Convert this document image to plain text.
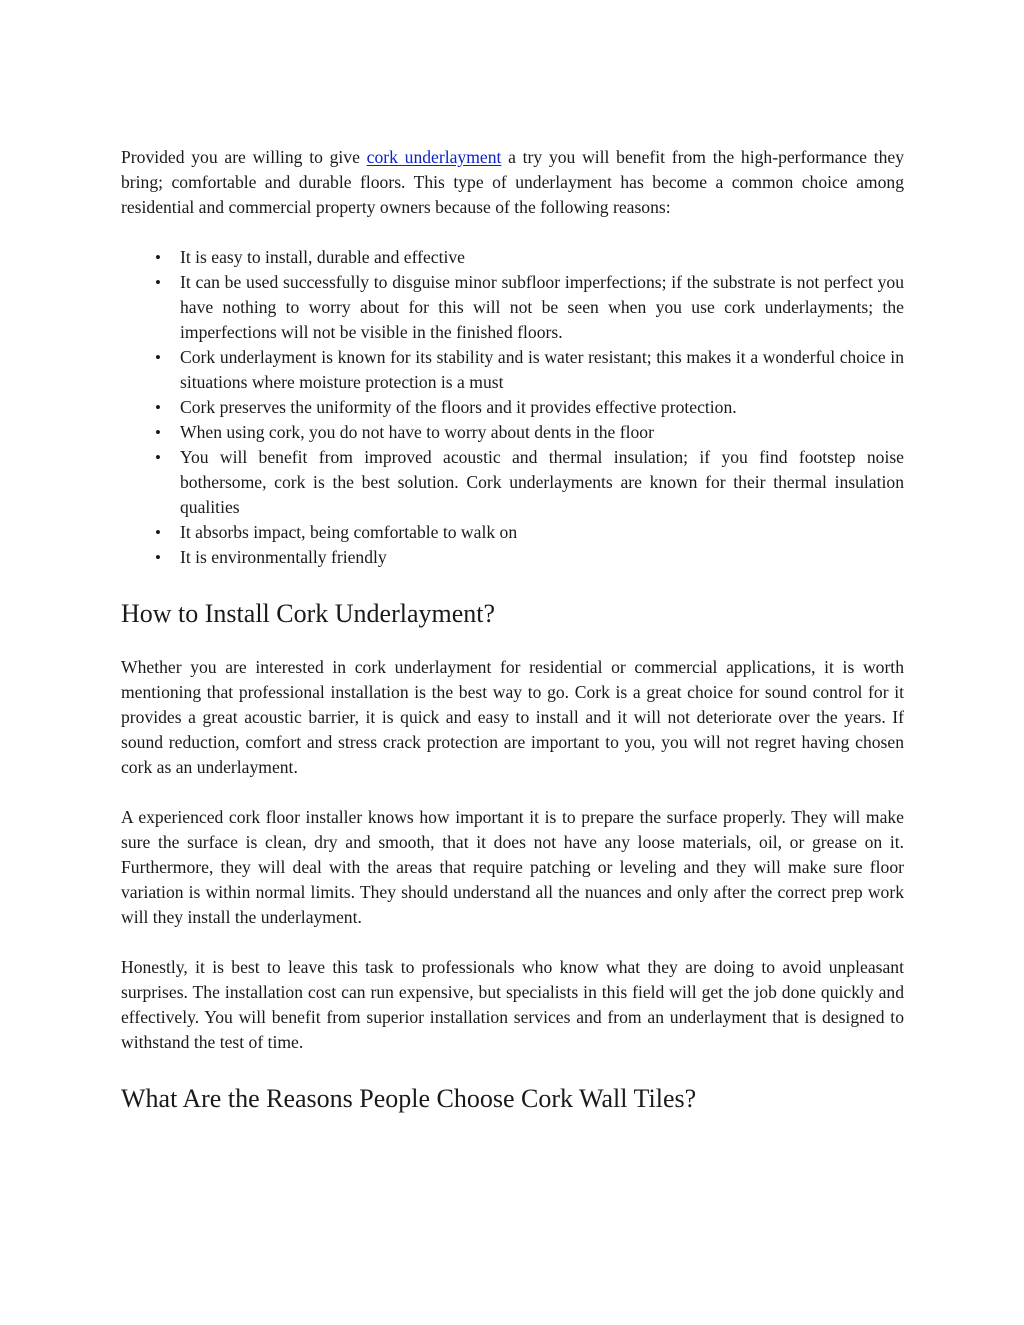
Provided you are willing to give cork underlayment a try you will benefit from the high-performance they bring; comfortable and durable floors. This type of underlayment has become a common choice among residential and commercial property owners because of the following reasons:

• It is easy to install, durable and effective
• It can be used successfully to disguise minor subfloor imperfections; if the substrate is not perfect you have nothing to worry about for this will not be seen when you use cork underlayments; the imperfections will not be visible in the finished floors.
• Cork underlayment is known for its stability and is water resistant; this makes it a wonderful choice in situations where moisture protection is a must
• Cork preserves the uniformity of the floors and it provides effective protection.
• When using cork, you do not have to worry about dents in the floor
• You will benefit from improved acoustic and thermal insulation; if you find footstep noise bothersome, cork is the best solution. Cork underlayments are known for their thermal insulation qualities
• It absorbs impact, being comfortable to walk on
• It is environmentally friendly
How to Install Cork Underlayment?

Whether you are interested in cork underlayment for residential or commercial applications, it is worth mentioning that professional installation is the best way to go. Cork is a great choice for sound control for it provides a great acoustic barrier, it is quick and easy to install and it will not deteriorate over the years. If sound reduction, comfort and stress crack protection are important to you, you will not regret having chosen cork as an underlayment.

A experienced cork floor installer knows how important it is to prepare the surface properly. They will make sure the surface is clean, dry and smooth, that it does not have any loose materials, oil, or grease on it. Furthermore, they will deal with the areas that require patching or leveling and they will make sure floor variation is within normal limits. They should understand all the nuances and only after the correct prep work will they install the underlayment.

Honestly, it is best to leave this task to professionals who know what they are doing to avoid unpleasant surprises. The installation cost can run expensive, but specialists in this field will get the job done quickly and effectively. You will benefit from superior installation services and from an underlayment that is designed to withstand the test of time.

What Are the Reasons People Choose Cork Wall Tiles?
